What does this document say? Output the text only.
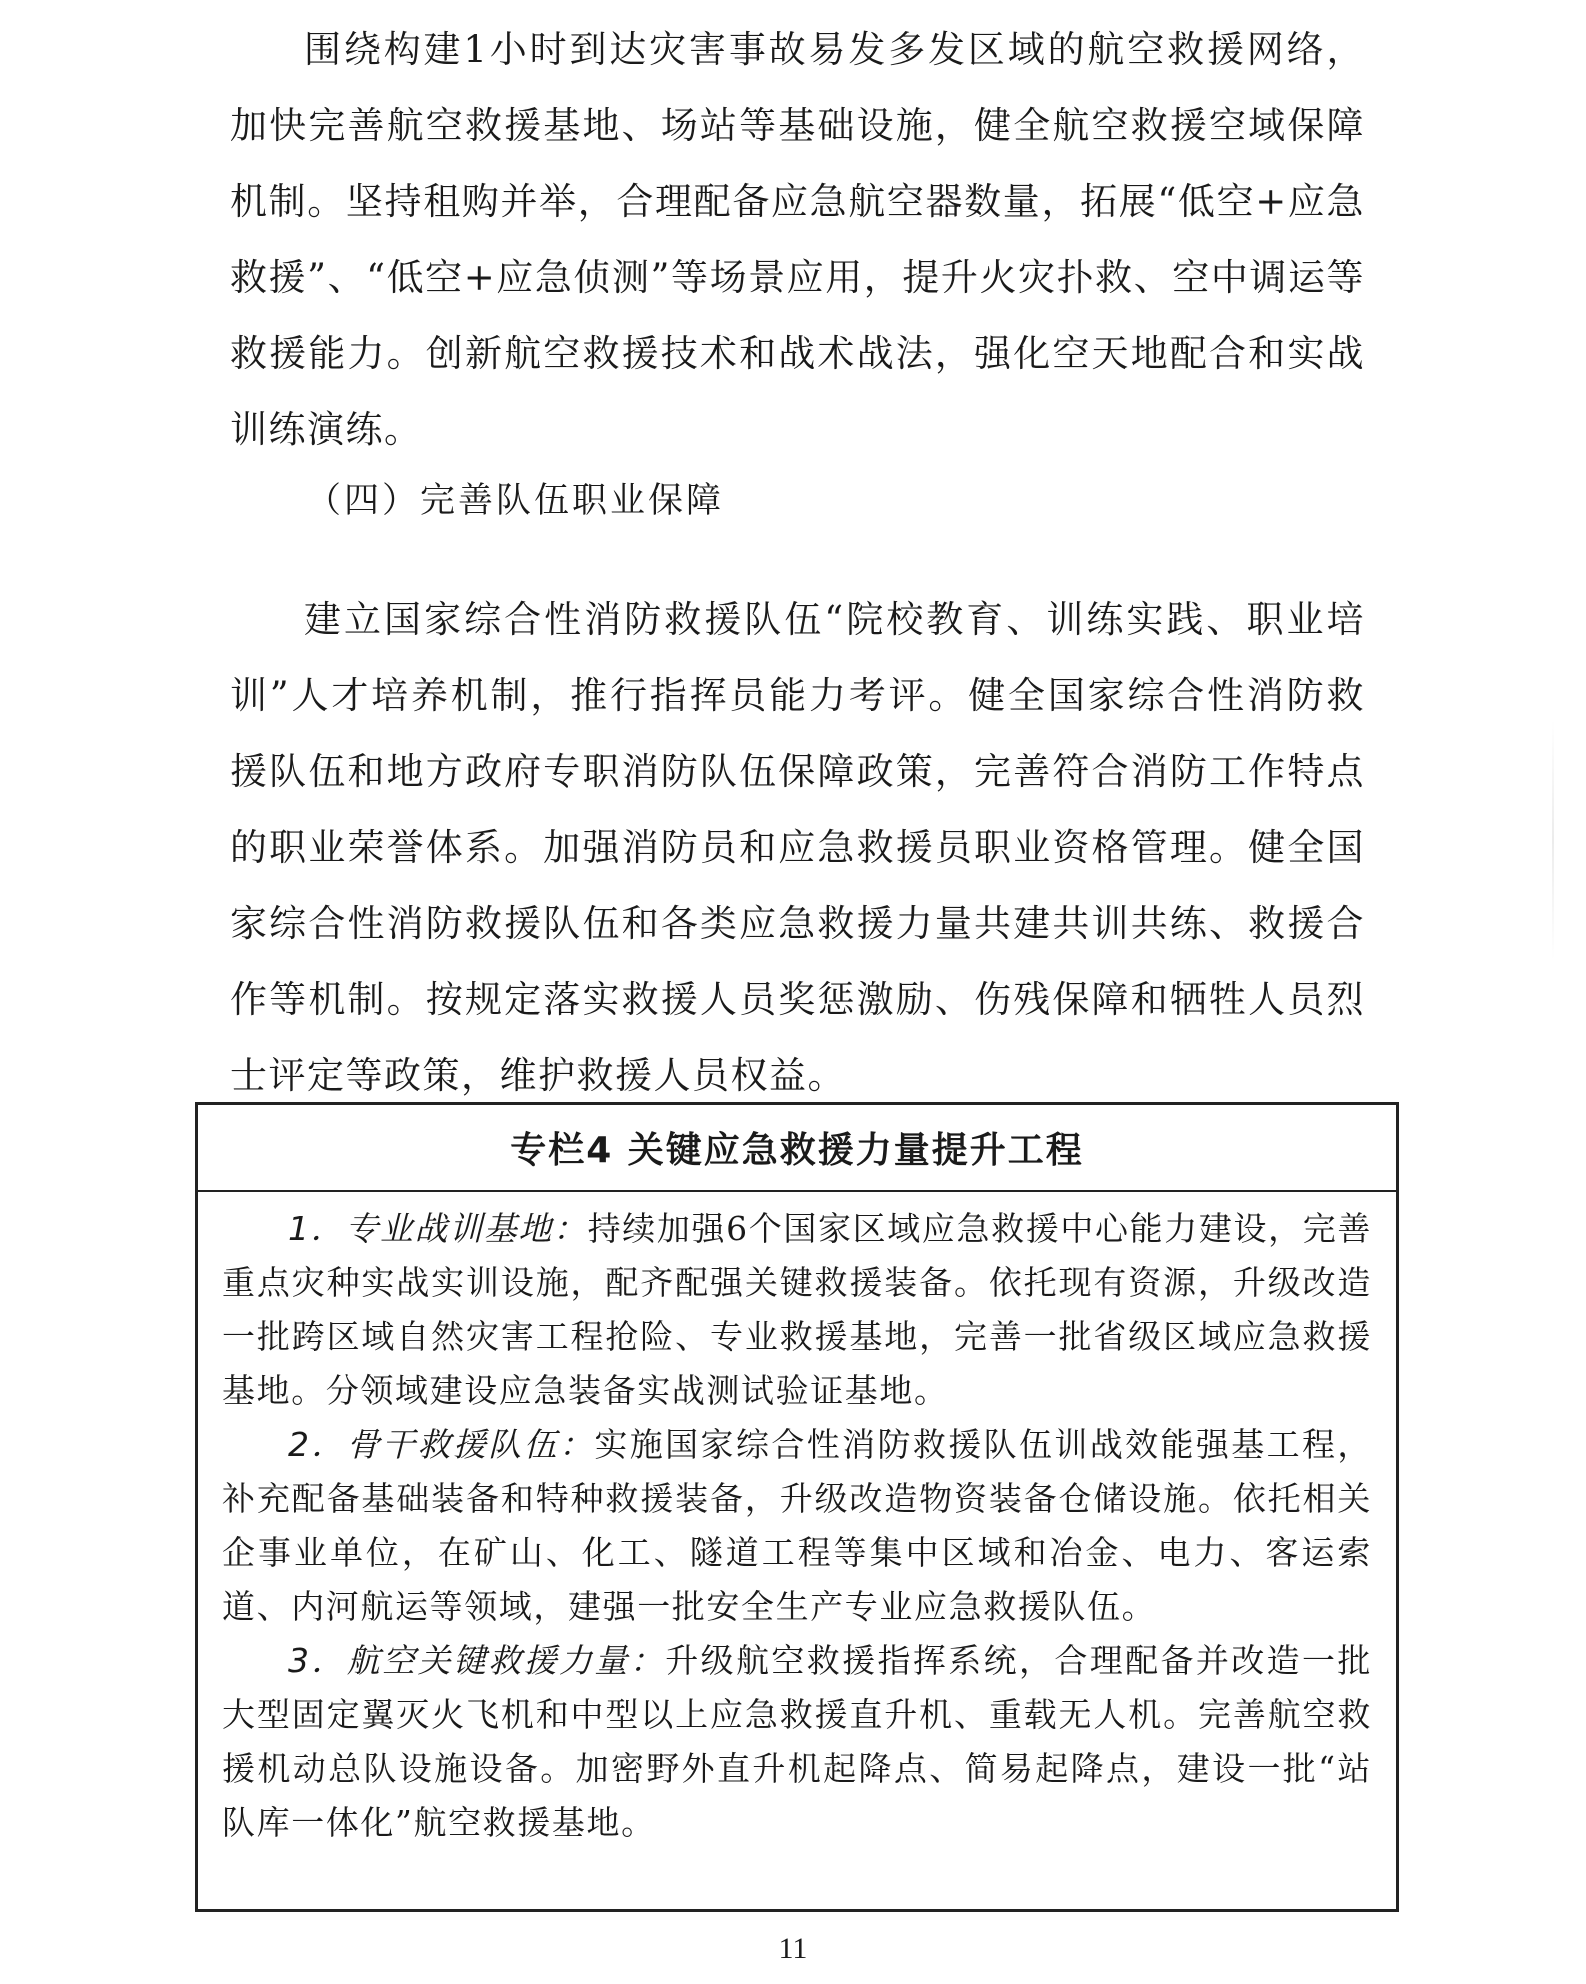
围绕构建1小时到达灾害事故易发多发区域的航空救援网络，加快完善航空救援基地、场站等基础设施，健全航空救援空域保障机制。坚持租购并举，合理配备应急航空器数量，拓展“低空+应急救援”、“低空+应急侦测”等场景应用，提升火灾扑救、空中调运等救援能力。创新航空救援技术和战术战法，强化空天地配合和实战训练演练。

（四）完善队伍职业保障

建立国家综合性消防救援队伍“院校教育、训练实践、职业培训”人才培养机制，推行指挥员能力考评。健全国家综合性消防救援队伍和地方政府专职消防队伍保障政策，完善符合消防工作特点的职业荣誉体系。加强消防员和应急救援员职业资格管理。健全国家综合性消防救援队伍和各类应急救援力量共建共训共练、救援合作等机制。按规定落实救援人员奖惩激励、伤残保障和牺牲人员烈士评定等政策，维护救援人员权益。

专栏4 关键应急救援力量提升工程

1．专业战训基地：持续加强6个国家区域应急救援中心能力建设，完善重点灾种实战实训设施，配齐配强关键救援装备。依托现有资源，升级改造一批跨区域自然灾害工程抢险、专业救援基地，完善一批省级区域应急救援基地。分领域建设应急装备实战测试验证基地。

2．骨干救援队伍：实施国家综合性消防救援队伍训战效能强基工程，补充配备基础装备和特种救援装备，升级改造物资装备仓储设施。依托相关企事业单位，在矿山、化工、隧道工程等集中区域和冶金、电力、客运索道、内河航运等领域，建强一批安全生产专业应急救援队伍。

3．航空关键救援力量：升级航空救援指挥系统，合理配备并改造一批大型固定翼灭火飞机和中型以上应急救援直升机、重载无人机。完善航空救援机动总队设施设备。加密野外直升机起降点、简易起降点，建设一批“站队库一体化”航空救援基地。

11
